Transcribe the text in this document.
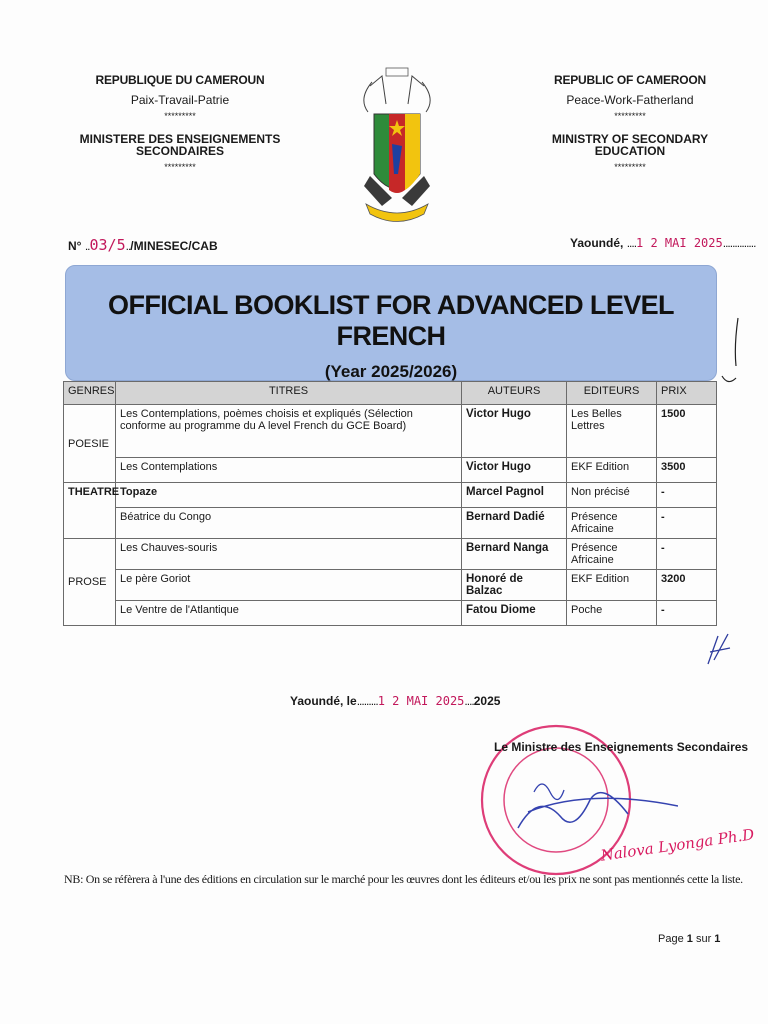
REPUBLIQUE DU CAMEROUN
Paix-Travail-Patrie
*********
MINISTERE DES ENSEIGNEMENTS SECONDAIRES
*********
REPUBLIC OF CAMEROON
Peace-Work-Fatherland
*********
MINISTRY OF SECONDARY EDUCATION
*********
N° ..03/5../MINESEC/CAB	Yaoundé, ....1 2 MAI 2025..............
OFFICIAL BOOKLIST FOR ADVANCED LEVEL FRENCH
(Year 2025/2026)
GENRES	TITRES	AUTEURS	EDITEURS	PRIX
POESIE	Les Contemplations, poèmes choisis et expliqués (Sélection conforme au programme du A level French du GCE Board)	Victor Hugo	Les Belles Lettres	1500
	Les Contemplations	Victor Hugo	EKF Edition	3500
THEATRE	Topaze	Marcel Pagnol	Non précisé	-
	Béatrice du Congo	Bernard Dadié	Présence Africaine	-
PROSE	Les Chauves-souris	Bernard Nanga	Présence Africaine	-
	Le père Goriot	Honoré de Balzac	EKF Edition	3200
	Le Ventre de l'Atlantique	Fatou Diome	Poche	-
Yaoundé, le.........1 2 MAI 2025....2025
Le Ministre des Enseignements Secondaires
Nalova Lyonga Ph.D
NB: On se réfèrera à l'une des éditions en circulation sur le marché pour les œuvres dont les éditeurs et/ou les prix ne sont pas mentionnés cette la liste.
Page 1 sur 1
